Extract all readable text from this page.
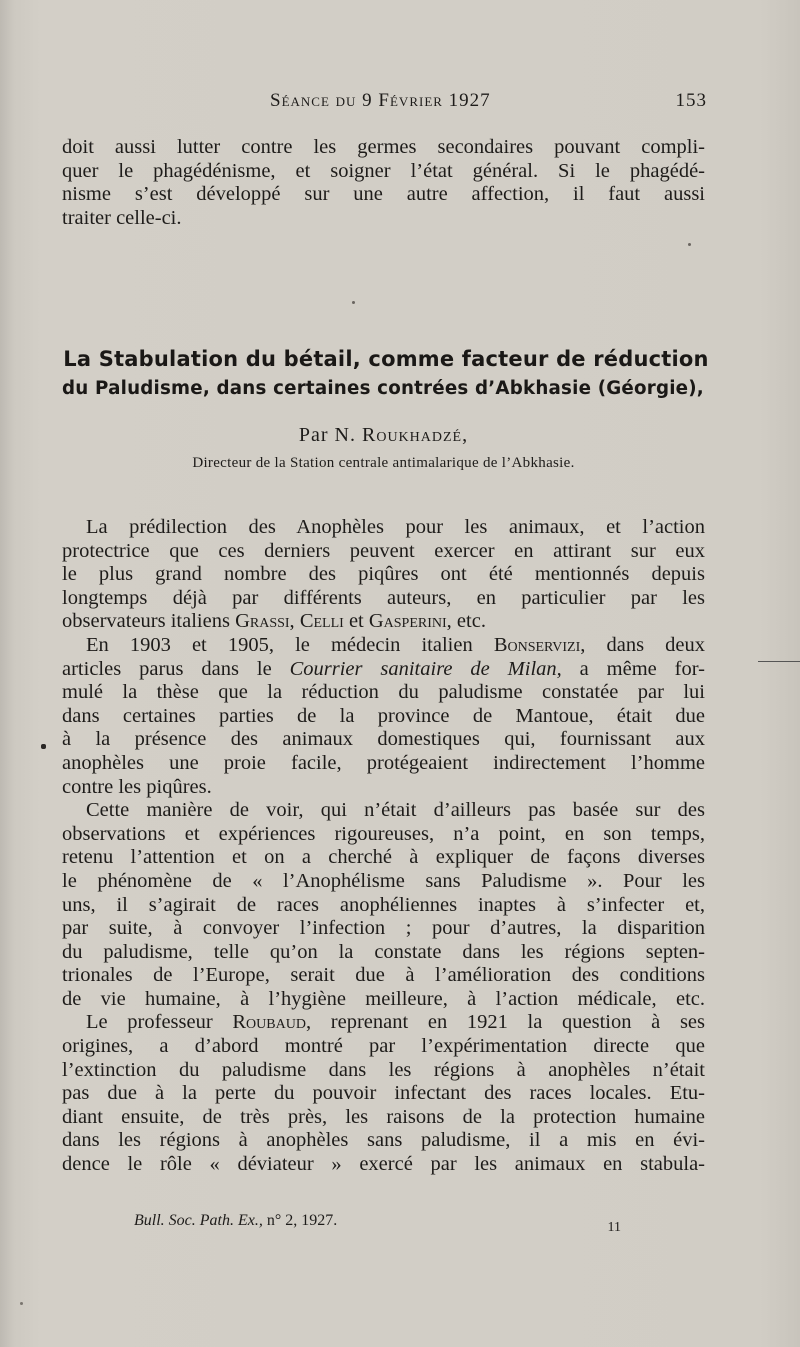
Séance du 9 Février 1927	153
doit aussi lutter contre les germes secondaires pouvant compli-
quer le phagédénisme, et soigner l’état général. Si le phagédé-
nisme s’est développé sur une autre affection, il faut aussi
traiter celle-ci.
La Stabulation du bétail, comme facteur de réduction
du Paludisme, dans certaines contrées d’Abkhasie (Géorgie),
Par N. Roukhadzé,
Directeur de la Station centrale antimalarique de l’Abkhasie.
La prédilection des Anophèles pour les animaux, et l’action
protectrice que ces derniers peuvent exercer en attirant sur eux
le plus grand nombre des piqûres ont été mentionnés depuis
longtemps déjà par différents auteurs, en particulier par les
observateurs italiens Grassi, Celli et Gasperini, etc.
En 1903 et 1905, le médecin italien Bonservizi, dans deux
articles parus dans le Courrier sanitaire de Milan, a même for-
mulé la thèse que la réduction du paludisme constatée par lui
dans certaines parties de la province de Mantoue, était due
à la présence des animaux domestiques qui, fournissant aux
anophèles une proie facile, protégeaient indirectement l’homme
contre les piqûres.
Cette manière de voir, qui n’était d’ailleurs pas basée sur des
observations et expériences rigoureuses, n’a point, en son temps,
retenu l’attention et on a cherché à expliquer de façons diverses
le phénomène de « l’Anophélisme sans Paludisme ». Pour les
uns, il s’agirait de races anophéliennes inaptes à s’infecter et,
par suite, à convoyer l’infection ; pour d’autres, la disparition
du paludisme, telle qu’on la constate dans les régions septen-
trionales de l’Europe, serait due à l’amélioration des conditions
de vie humaine, à l’hygiène meilleure, à l’action médicale, etc.
Le professeur Roubaud, reprenant en 1921 la question à ses
origines, a d’abord montré par l’expérimentation directe que
l’extinction du paludisme dans les régions à anophèles n’était
pas due à la perte du pouvoir infectant des races locales. Etu-
diant ensuite, de très près, les raisons de la protection humaine
dans les régions à anophèles sans paludisme, il a mis en évi-
dence le rôle « déviateur » exercé par les animaux en stabula-
Bull. Soc. Path. Ex., n° 2, 1927.	11
